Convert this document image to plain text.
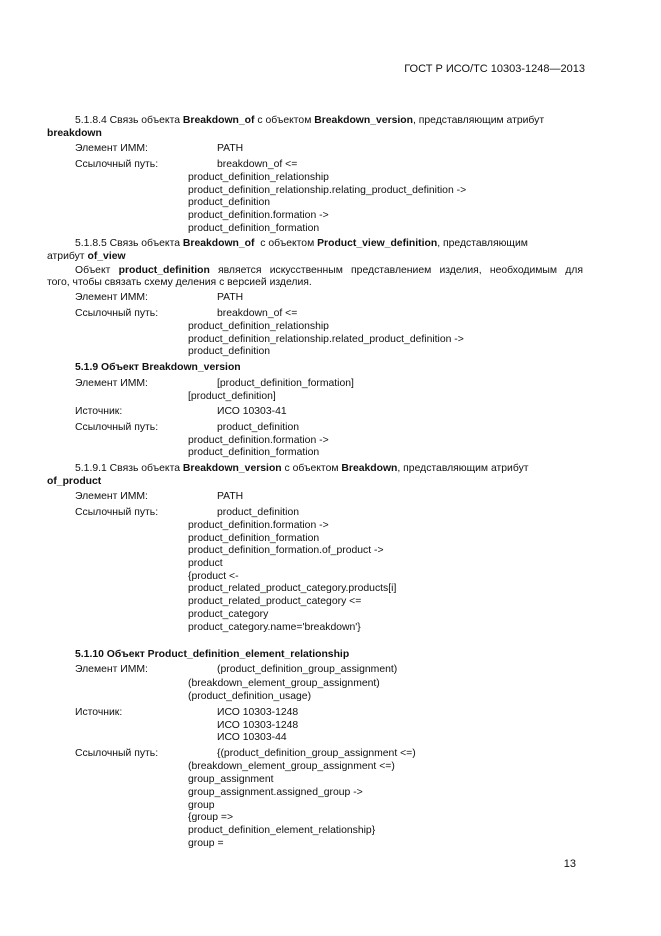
ГОСТ Р ИСО/ТС 10303-1248—2013
5.1.8.4 Связь объекта Breakdown_of с объектом Breakdown_version, представляющим атрибут
breakdown
Элемент ИММ:	PATH
Ссылочный путь:	breakdown_of <=
product_definition_relationship
product_definition_relationship.relating_product_definition ->
product_definition
product_definition.formation ->
product_definition_formation
5.1.8.5 Связь объекта Breakdown_of  с объектом Product_view_definition, представляющим
атрибут of_view
Объект product_definition является искусственным представлением изделия, необходимым для
того, чтобы связать схему деления с версией изделия.
Элемент ИММ:	PATH
Ссылочный путь:	breakdown_of <=
product_definition_relationship
product_definition_relationship.related_product_definition ->
product_definition
5.1.9 Объект Breakdown_version
Элемент ИММ:	[product_definition_formation]
[product_definition]
Источник:	ИСО 10303-41
Ссылочный путь:	product_definition
product_definition.formation ->
product_definition_formation
5.1.9.1 Связь объекта Breakdown_version с объектом Breakdown, представляющим атрибут
of_product
Элемент ИММ:	PATH
Ссылочный путь:	product_definition
product_definition.formation ->
product_definition_formation
product_definition_formation.of_product ->
product
{product <-
product_related_product_category.products[i]
product_related_product_category <=
product_category
product_category.name='breakdown'}
5.1.10 Объект Product_definition_element_relationship
Элемент ИММ:	(product_definition_group_assignment)
(breakdown_element_group_assignment)
(product_definition_usage)
Источник:	ИСО 10303-1248
ИСО 10303-1248
ИСО 10303-44
Ссылочный путь:	{(product_definition_group_assignment <=)
(breakdown_element_group_assignment <=)
group_assignment
group_assignment.assigned_group ->
group
{group =>
product_definition_element_relationship}
group =
13
